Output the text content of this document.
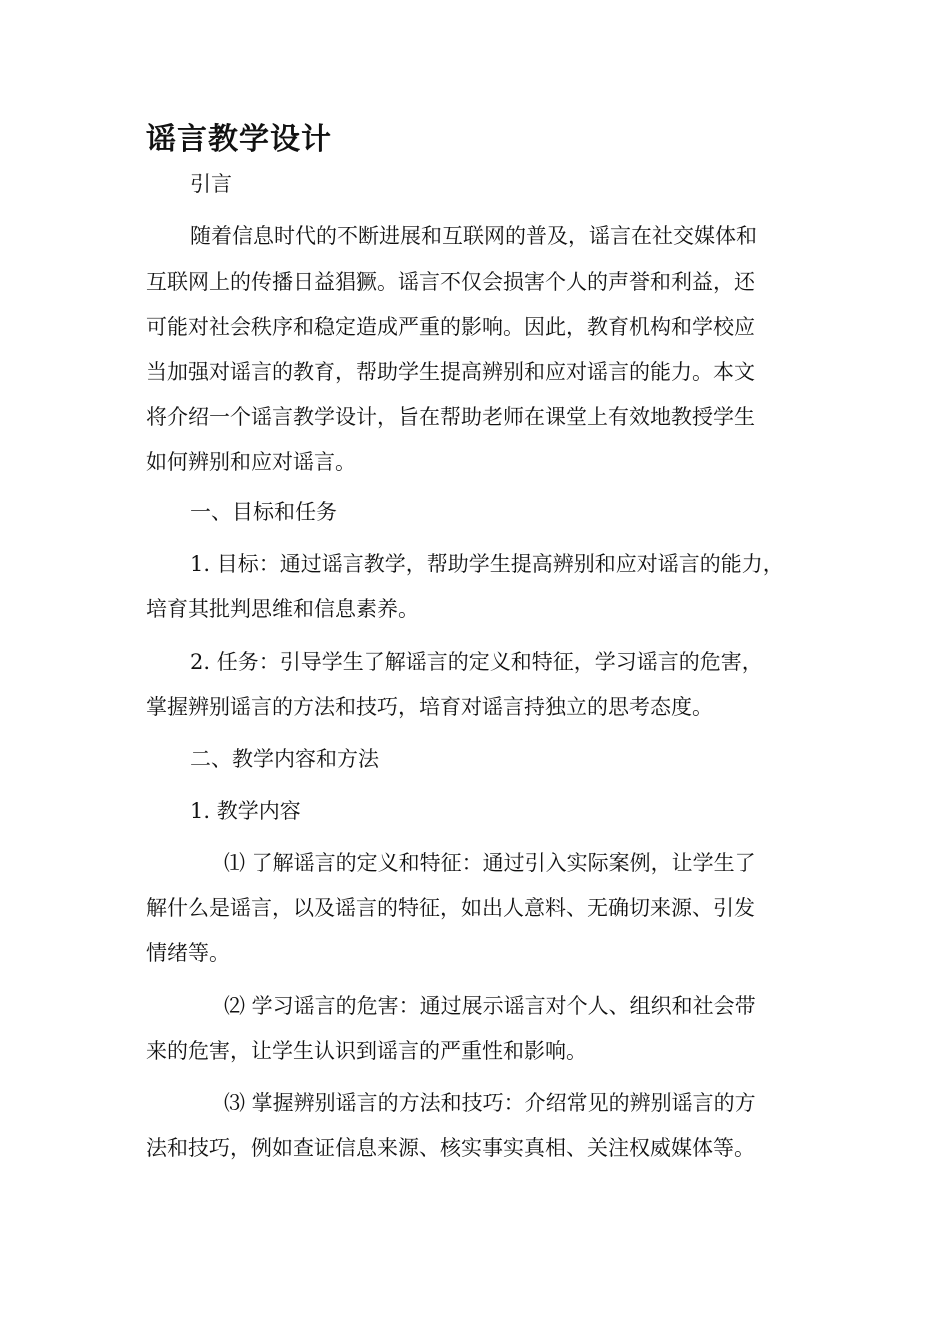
谣言教学设计

引言

随着信息时代的不断进展和互联网的普及，谣言在社交媒体和

互联网上的传播日益猖獗。谣言不仅会损害个人的声誉和利益，还

可能对社会秩序和稳定造成严重的影响。因此，教育机构和学校应

当加强对谣言的教育，帮助学生提高辨别和应对谣言的能力。本文

将介绍一个谣言教学设计，旨在帮助老师在课堂上有效地教授学生

如何辨别和应对谣言。

一、目标和任务

1. 目标：通过谣言教学，帮助学生提高辨别和应对谣言的能力，

培育其批判思维和信息素养。

2. 任务：引导学生了解谣言的定义和特征，学习谣言的危害，

掌握辨别谣言的方法和技巧，培育对谣言持独立的思考态度。

二、教学内容和方法

1. 教学内容

⑴ 了解谣言的定义和特征：通过引入实际案例，让学生了

解什么是谣言，以及谣言的特征，如出人意料、无确切来源、引发

情绪等。

⑵ 学习谣言的危害：通过展示谣言对个人、组织和社会带

来的危害，让学生认识到谣言的严重性和影响。

⑶ 掌握辨别谣言的方法和技巧：介绍常见的辨别谣言的方

法和技巧，例如查证信息来源、核实事实真相、关注权威媒体等。
